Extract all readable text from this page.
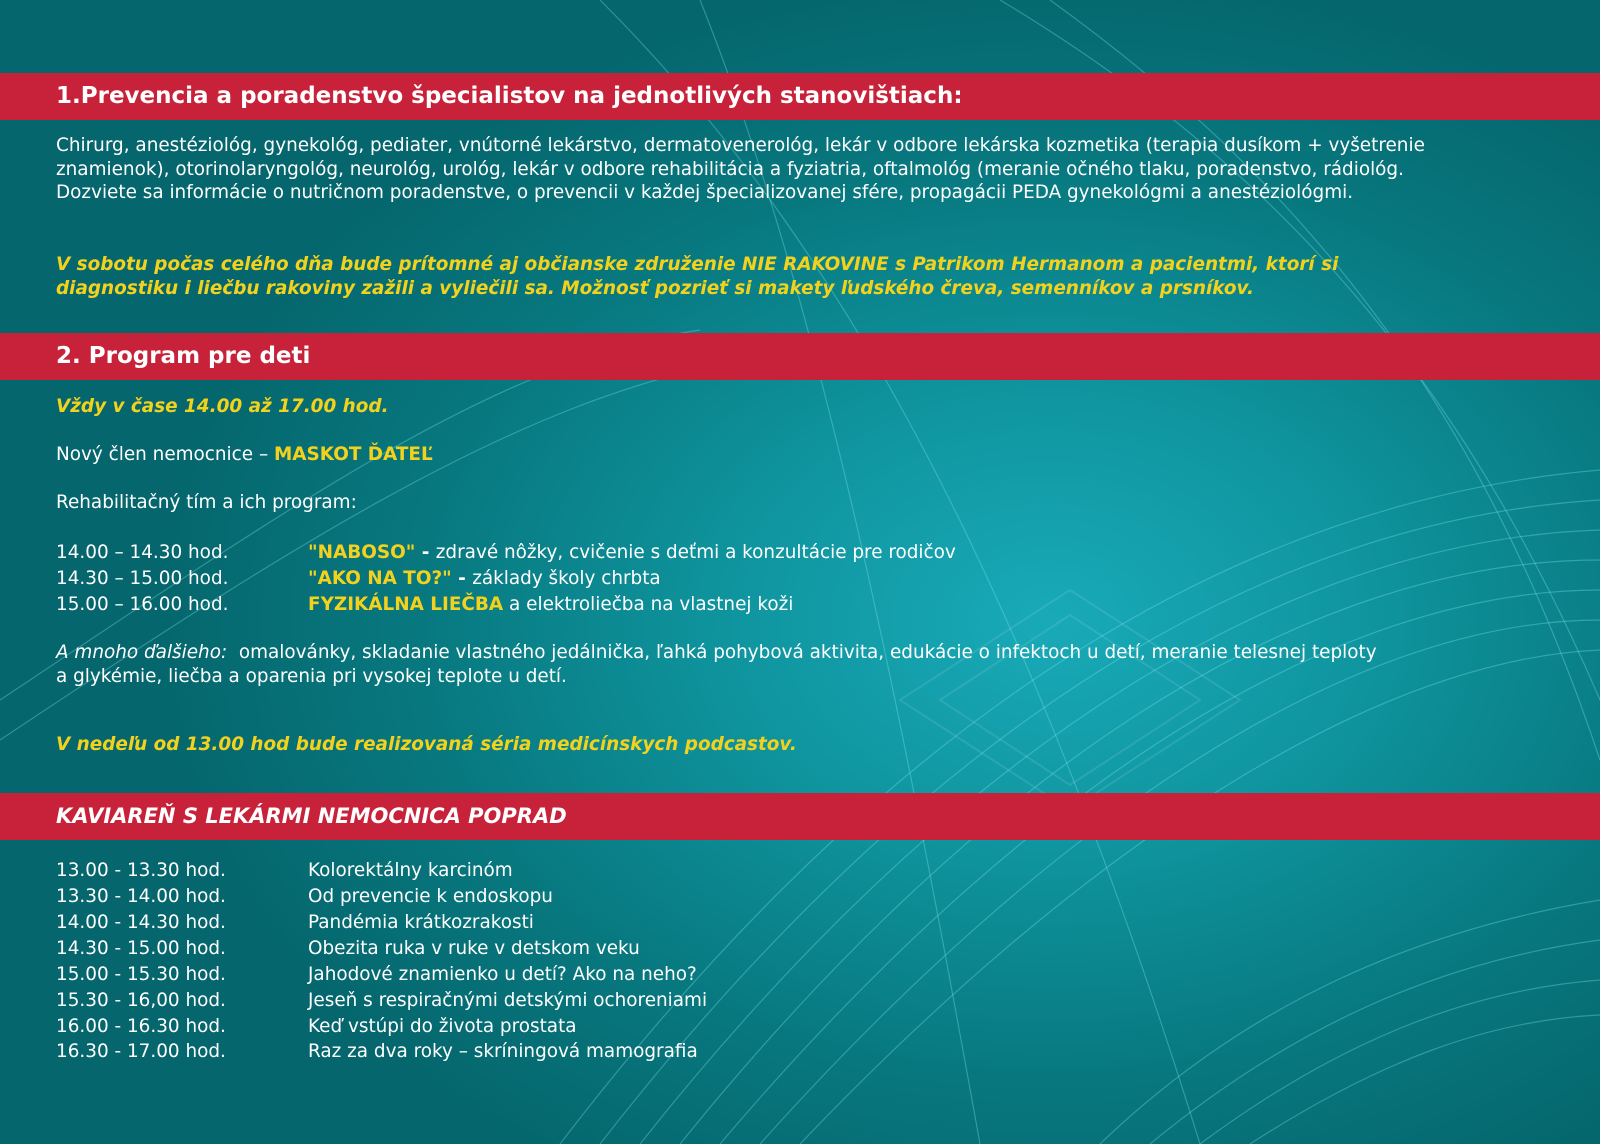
1.Prevencia a poradenstvo špecialistov na jednotlivých stanovištiach:
Chirurg, anestéziológ, gynekológ, pediater, vnútorné lekárstvo, dermatovenerológ, lekár v odbore lekárska kozmetika (terapia dusíkom + vyšetrenie
znamienok), otorinolaryngológ, neurológ, urológ, lekár v odbore rehabilitácia a fyziatria, oftalmológ (meranie očného tlaku, poradenstvo, rádiológ.
Dozviete sa informácie o nutričnom poradenstve, o prevencii v každej špecializovanej sfére, propagácii PEDA gynekológmi a anestéziológmi.
V sobotu počas celého dňa bude prítomné aj občianske združenie NIE RAKOVINE s Patrikom Hermanom a pacientmi, ktorí si
diagnostiku i liečbu rakoviny zažili a vyliečili sa. Možnosť pozrieť si makety ľudského čreva, semenníkov a prsníkov.
2. Program pre deti
Vždy v čase 14.00 až 17.00 hod.
Nový člen nemocnice – MASKOT ĎATEĽ
Rehabilitačný tím a ich program:
14.00 – 14.30 hod.	"NABOSO" - zdravé nôžky, cvičenie s deťmi a konzultácie pre rodičov
14.30 – 15.00 hod.	"AKO NA TO?" - základy školy chrbta
15.00 – 16.00 hod.	FYZIKÁLNA LIEČBA a elektroliečba na vlastnej koži
A mnoho ďalšieho:  omalovánky, skladanie vlastného jedálnička, ľahká pohybová aktivita, edukácie o infektoch u detí, meranie telesnej teploty
a glykémie, liečba a oparenia pri vysokej teplote u detí.
V nedeľu od 13.00 hod bude realizovaná séria medicínskych podcastov.
KAVIAREŇ S LEKÁRMI NEMOCNICA POPRAD
13.00 - 13.30 hod.	Kolorektálny karcinóm
13.30 - 14.00 hod.	Od prevencie k endoskopu
14.00 - 14.30 hod.	Pandémia krátkozrakosti
14.30 - 15.00 hod.	Obezita ruka v ruke v detskom veku
15.00 - 15.30 hod.	Jahodové znamienko u detí? Ako na neho?
15.30 - 16,00 hod.	Jeseň s respiračnými detskými ochoreniami
16.00 - 16.30 hod.	Keď vstúpi do života prostata
16.30 - 17.00 hod.	Raz za dva roky – skríningová mamografia
